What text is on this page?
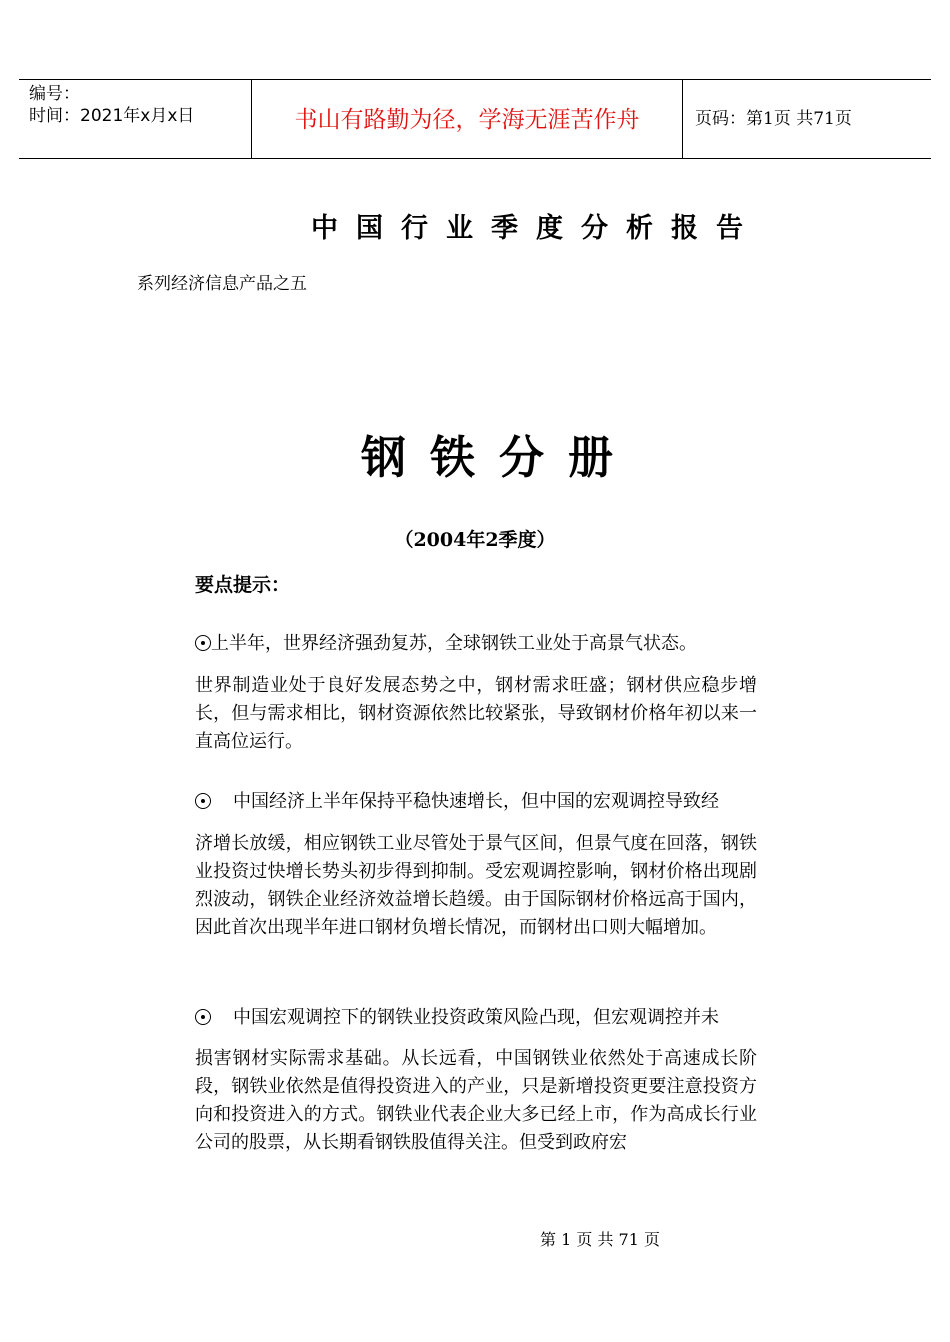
编号：
时间：2021年x月x日	书山有路勤为径，学海无涯苦作舟	页码：第1页 共71页
中国行业季度分析报告
系列经济信息产品之五
钢铁分册
（2004年2季度）
要点提示：
上半年，世界经济强劲复苏，全球钢铁工业处于高景气状态。
世界制造业处于良好发展态势之中，钢材需求旺盛；钢材供应稳步增长，但与需求相比，钢材资源依然比较紧张，导致钢材价格年初以来一直高位运行。
中国经济上半年保持平稳快速增长，但中国的宏观调控导致经
济增长放缓，相应钢铁工业尽管处于景气区间，但景气度在回落，钢铁业投资过快增长势头初步得到抑制。受宏观调控影响，钢材价格出现剧烈波动，钢铁企业经济效益增长趋缓。由于国际钢材价格远高于国内，因此首次出现半年进口钢材负增长情况，而钢材出口则大幅增加。
中国宏观调控下的钢铁业投资政策风险凸现，但宏观调控并未
损害钢材实际需求基础。从长远看，中国钢铁业依然处于高速成长阶段，钢铁业依然是值得投资进入的产业，只是新增投资更要注意投资方向和投资进入的方式。钢铁业代表企业大多已经上市，作为高成长行业公司的股票，从长期看钢铁股值得关注。但受到政府宏
第 1 页 共 71 页
